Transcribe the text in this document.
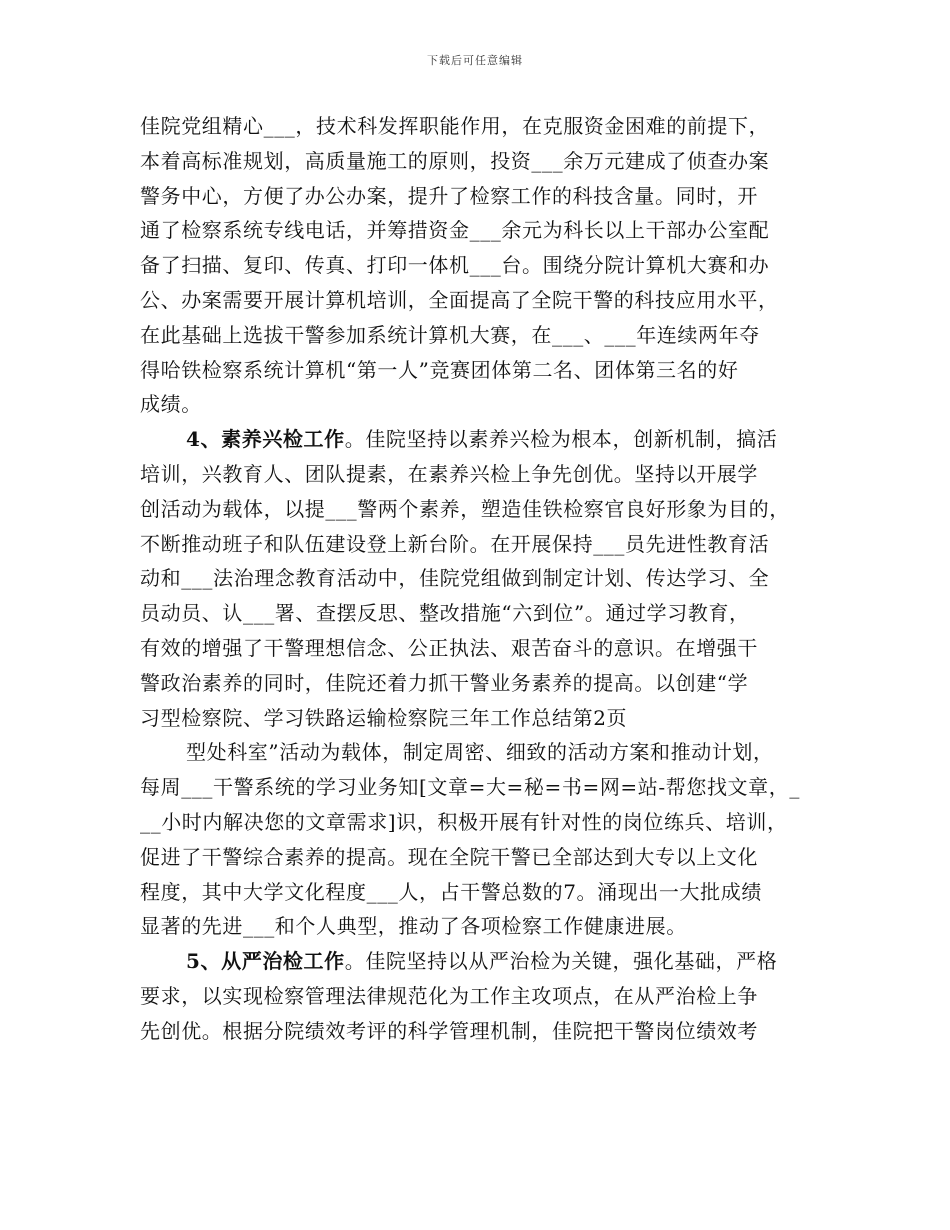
下载后可任意编辑
佳院党组精心___，技术科发挥职能作用，在克服资金困难的前提下，
本着高标准规划，高质量施工的原则，投资___余万元建成了侦查办案
警务中心，方便了办公办案，提升了检察工作的科技含量。同时，开
通了检察系统专线电话，并筹措资金___余元为科长以上干部办公室配
备了扫描、复印、传真、打印一体机___台。围绕分院计算机大赛和办
公、办案需要开展计算机培训，全面提高了全院干警的科技应用水平，
在此基础上选拔干警参加系统计算机大赛，在___、___年连续两年夺
得哈铁检察系统计算机“第一人”竞赛团体第二名、团体第三名的好
成绩。
4、素养兴检工作。佳院坚持以素养兴检为根本，创新机制，搞活
培训，兴教育人、团队提素，在素养兴检上争先创优。坚持以开展学
创活动为载体，以提___警两个素养，塑造佳铁检察官良好形象为目的，
不断推动班子和队伍建设登上新台阶。在开展保持___员先进性教育活
动和___法治理念教育活动中，佳院党组做到制定计划、传达学习、全
员动员、认___署、查摆反思、整改措施“六到位”。通过学习教育，
有效的增强了干警理想信念、公正执法、艰苦奋斗的意识。在增强干
警政治素养的同时，佳院还着力抓干警业务素养的提高。以创建“学
习型检察院、学习铁路运输检察院三年工作总结第2页
型处科室”活动为载体，制定周密、细致的活动方案和推动计划，
每周___干警系统的学习业务知[文章=大=秘=书=网=站-帮您找文章，_
__小时内解决您的文章需求]识，积极开展有针对性的岗位练兵、培训，
促进了干警综合素养的提高。现在全院干警已全部达到大专以上文化
程度，其中大学文化程度___人，占干警总数的7。涌现出一大批成绩
显著的先进___和个人典型，推动了各项检察工作健康进展。
5、从严治检工作。佳院坚持以从严治检为关键，强化基础，严格
要求，以实现检察管理法律规范化为工作主攻项点，在从严治检上争
先创优。根据分院绩效考评的科学管理机制，佳院把干警岗位绩效考
